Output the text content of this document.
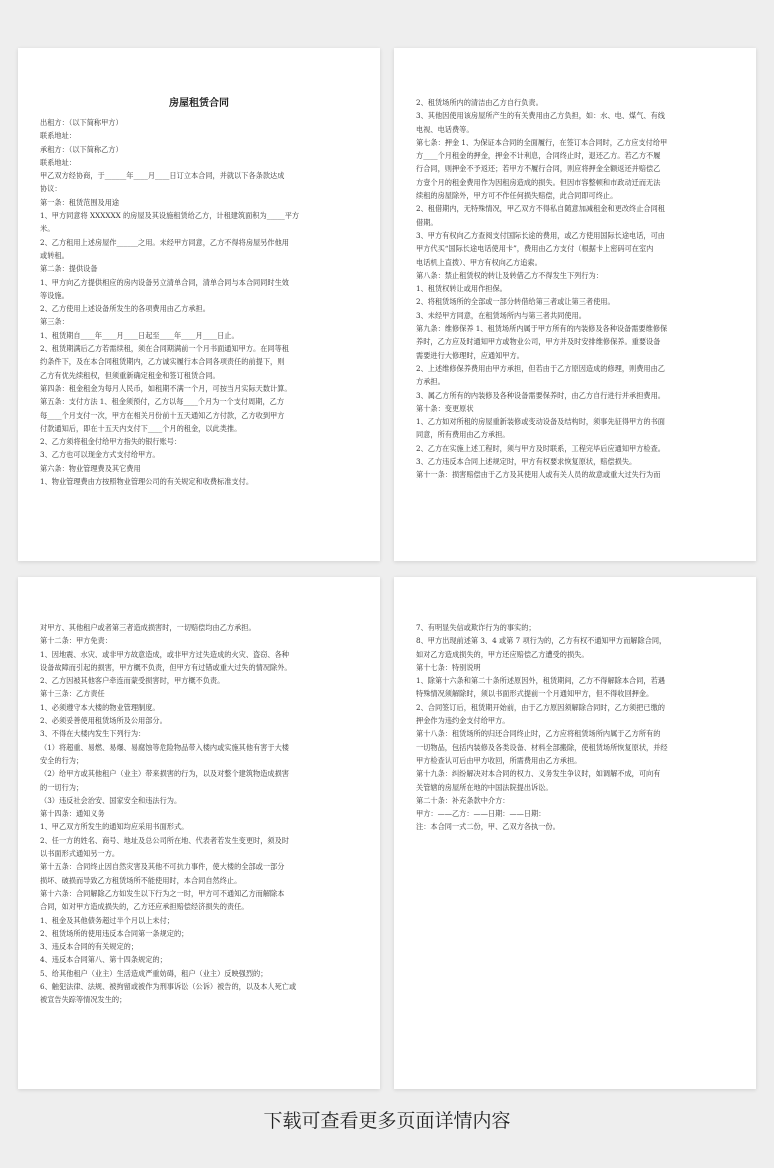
房屋租赁合同
出租方：（以下简称甲方）
联系地址：
承租方：（以下简称乙方）
联系地址：
甲乙双方经协商，于______年____月____日订立本合同，并就以下各条款达成
协议：
第一条：租赁范围及用途
1、甲方同意将 XXXXXX 的房屋及其设施租赁给乙方，计租建筑面积为_____平方
米。
2、乙方租用上述房屋作______之用。未经甲方同意，乙方不得将房屋另作他用
或转租。
第二条：提供设备
1、甲方向乙方提供相应的房内设备另立清单合同，清单合同与本合同同时生效
等设施。
2、乙方使用上述设备所发生的各项费用由乙方承担。
第三条：
1、租赁期自____年____月____日起至____年____月____日止。
2、租赁期满后乙方若需续租，须在合同期满前一个月书面通知甲方。在同等租
约条件下，及在本合同租赁期内，乙方诚实履行本合同各项责任的前提下，则
乙方有优先续租权，但须重新确定租金和签订租赁合同。
第四条：租金租金为每月人民币，如租期不满一个月，可按当月实际天数计算。
第五条：支付方法 1、租金须预付，乙方以每____个月为一个支付周期，乙方
每____个月支付一次，甲方在相关月份前十五天通知乙方付款，乙方收到甲方
付款通知后，即在十五天内支付下____个月的租金，以此类推。
2、乙方须将租金付给甲方指失的银行账号：
3、乙方也可以现金方式支付给甲方。
第六条：物业管理费及其它费用
1、物业管理费由方按照物业管理公司的有关规定和收费标准支付。
2、租赁场所内的清洁由乙方自行负责。
3、其他因使用该房屋所产生的有关费用由乙方负担，如：水、电、煤气、有线
电视、电话费等。
第七条：押金 1、为保证本合同的全面履行，在签订本合同时，乙方应支付给甲
方____个月租金的押金，押金不计利息，合同终止时，退还乙方。若乙方不履
行合同，则押金不予返还；若甲方不履行合同，则应将押金全额返还并赔偿乙
方壹个月的租金费用作为因租房造成的损失。但因市容整顿和市政动迁而无法
续租的房屋除外，甲方可不作任何损失赔偿，此合同即可终止。
2、租借期内，无特殊情况，甲乙双方不得私自随意加减租金和更改终止合同租
借期。
3、甲方有权向乙方查阅支付国际长途的费用，或乙方使用国际长途电话，可由
甲方代买“国际长途电话使用卡”，费用由乙方支付（根据卡上密码可在室内
电话机上直拨）、甲方有权向乙方追索。
第八条：禁止租赁权的转让及转借乙方不得发生下列行为：
1、租赁权转让或用作担保。
2、将租赁场所的全部或一部分转借给第三者或让第三者使用。
3、未经甲方同意，在租赁场所内与第三者共同使用。
第九条：维修保养 1、租赁场所内属于甲方所有的内装修及各种设备需要维修保
养时，乙方应及时通知甲方或物业公司，甲方并及时安排维修保养。重要设备
需要进行大修理时，应通知甲方。
2、上述维修保养费用由甲方承担，但若由于乙方原因造成的修理，则费用由乙
方承担。
3、属乙方所有的内装修及各种设备需要保养时，由乙方自行进行并承担费用。
第十条：变更原状
1、乙方如对所租的房屋重新装修或变动设备及结构时，须事先征得甲方的书面
同意，所有费用由乙方承担。
2、乙方在实施上述工程时，须与甲方及时联系，工程完毕后应通知甲方检查。
3、乙方违反本合同上述规定时，甲方有权要求恢复原状，赔偿损失。
第十一条：损害赔偿由于乙方及其使用人或有关人员的故意或重大过失行为而
对甲方、其他租户或者第三者造成损害时，一切赔偿均由乙方承担。
第十二条：甲方免责：
1、因地震、水灾、或非甲方故意造成，或非甲方过失造成的火灾、盗窃、各种
设备故障而引起的损害，甲方概不负责，但甲方有过错或重大过失的情况除外。
2、乙方因被其他客户牵连而蒙受损害时，甲方概不负责。
第十三条：乙方责任
1、必须遵守本大楼的物业管理制度。
2、必须妥善使用租赁场所及公用部分。
3、不得在大楼内发生下列行为：
（1）将超重、易燃、易爆、易腐蚀等危险物品带入楼内或实施其他有害于大楼
安全的行为；
（2）给甲方或其他租户（业主）带来损害的行为，以及对整个建筑物造成损害
的一切行为；
（3）违反社会治安、国家安全和违法行为。
第十四条：通知义务
1、甲乙双方所发生的通知均应采用书面形式。
2、任一方的姓名、商号、地址及总公司所在地、代表者若发生变更时，须及时
以书面形式通知另一方。
第十五条：合同终止因自然灾害及其他不可抗力事件，使大楼的全部或一部分
损坏、破损而导致乙方租赁场所不能使用时，本合同自然终止。
第十六条：合同解除乙方如发生以下行为之一时，甲方可不通知乙方而解除本
合同，如对甲方造成损失的，乙方还应承担赔偿经济损失的责任。
1、租金及其他债务超过半个月以上未付；
2、租赁场所的使用违反本合同第一条规定的；
3、违反本合同的有关规定的；
4、违反本合同第八、第十四条规定的；
5、给其他租户（业主）生活造成严重妨碍，租户（业主）反映强烈的；
6、触犯法律、法规、被拘留或被作为刑事诉讼（公诉）被告的，以及本人死亡或
被宣告失踪等情况发生的；
7、有明显失信或欺诈行为的事实的；
8、甲方出现前述第 3、4 或第 7 项行为的，乙方有权不通知甲方而解除合同，
如对乙方造成损失的，甲方还应赔偿乙方遭受的损失。
第十七条：特别说明
1、除第十六条和第二十条所述原因外，租赁期间，乙方不得解除本合同，若遇
特殊情况须解除时，须以书面形式提前一个月通知甲方，但不得收回押金。
2、合同签订后，租赁期开始前，由于乙方原因须解除合同时，乙方须把已缴的
押金作为违约金支付给甲方。
第十八条：租赁场所的归还合同终止时，乙方应将租赁场所内属于乙方所有的
一切物品，包括内装修及各类设备、材料全部搬除，使租赁场所恢复原状，并经
甲方检查认可后由甲方收回，所需费用由乙方承担。
第十九条：纠纷解决对本合同的权力、义务发生争议时，如调解不成，可向有
关管辖的房屋所在地的中国法院提出诉讼。
第二十条：补充条款中介方：
甲方：——乙方：——日期：——日期：
注：本合同一式二份，甲、乙双方各执一份。
下载可查看更多页面详情内容
